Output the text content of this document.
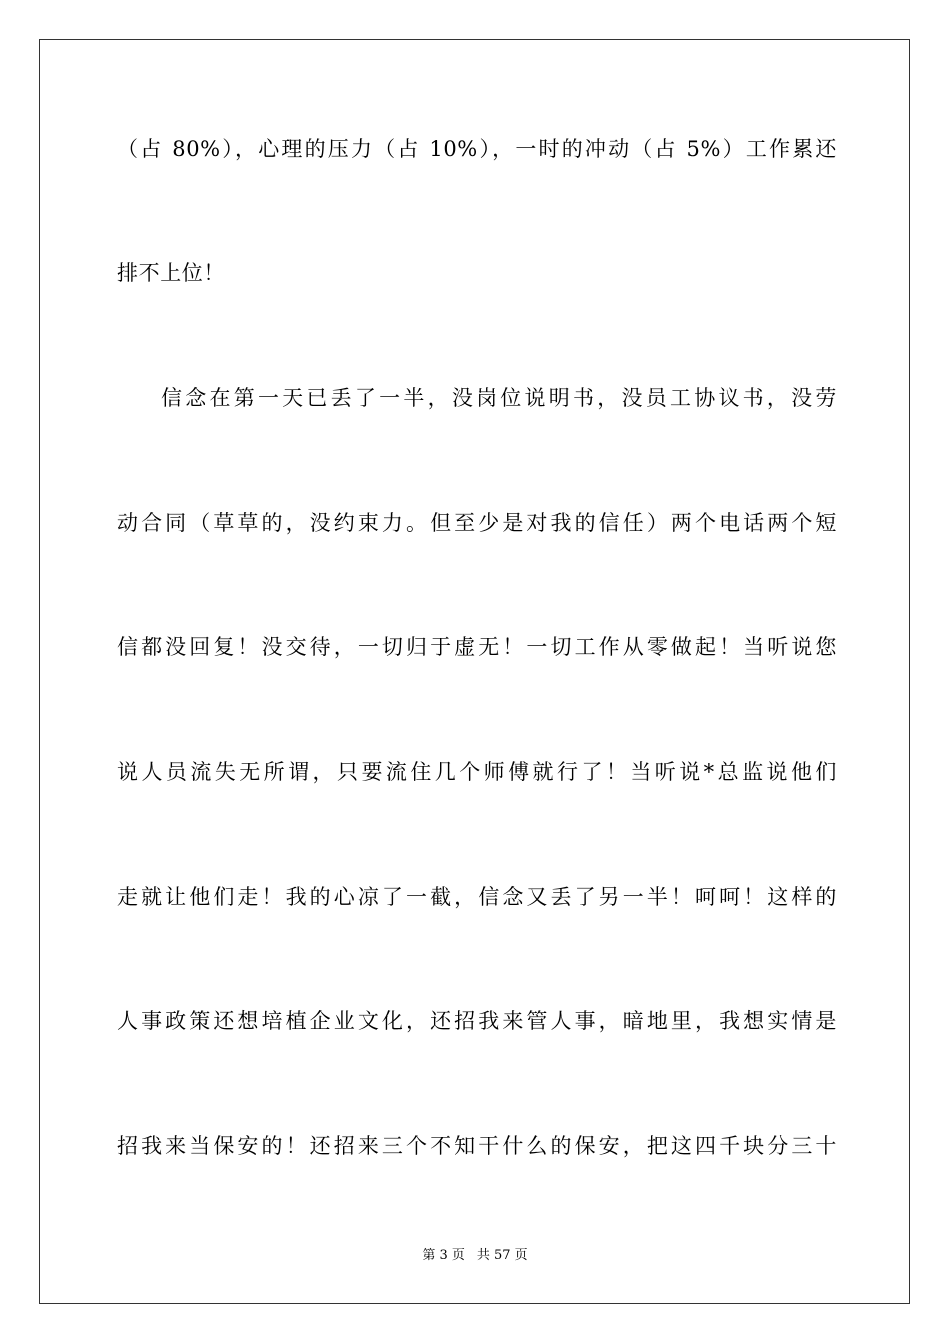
（占 80%），心理的压力（占 10%），一时的冲动（占 5%）工作累还
排不上位！
信念在第一天已丢了一半，没岗位说明书，没员工协议书，没劳
动合同（草草的，没约束力。但至少是对我的信任）两个电话两个短
信都没回复！没交待，一切归于虚无！一切工作从零做起！当听说您
说人员流失无所谓，只要流住几个师傅就行了！当听说*总监说他们
走就让他们走！我的心凉了一截，信念又丢了另一半！呵呵！这样的
人事政策还想培植企业文化，还招我来管人事，暗地里，我想实情是
招我来当保安的！还招来三个不知干什么的保安，把这四千块分三十
第 3 页 共 57 页
